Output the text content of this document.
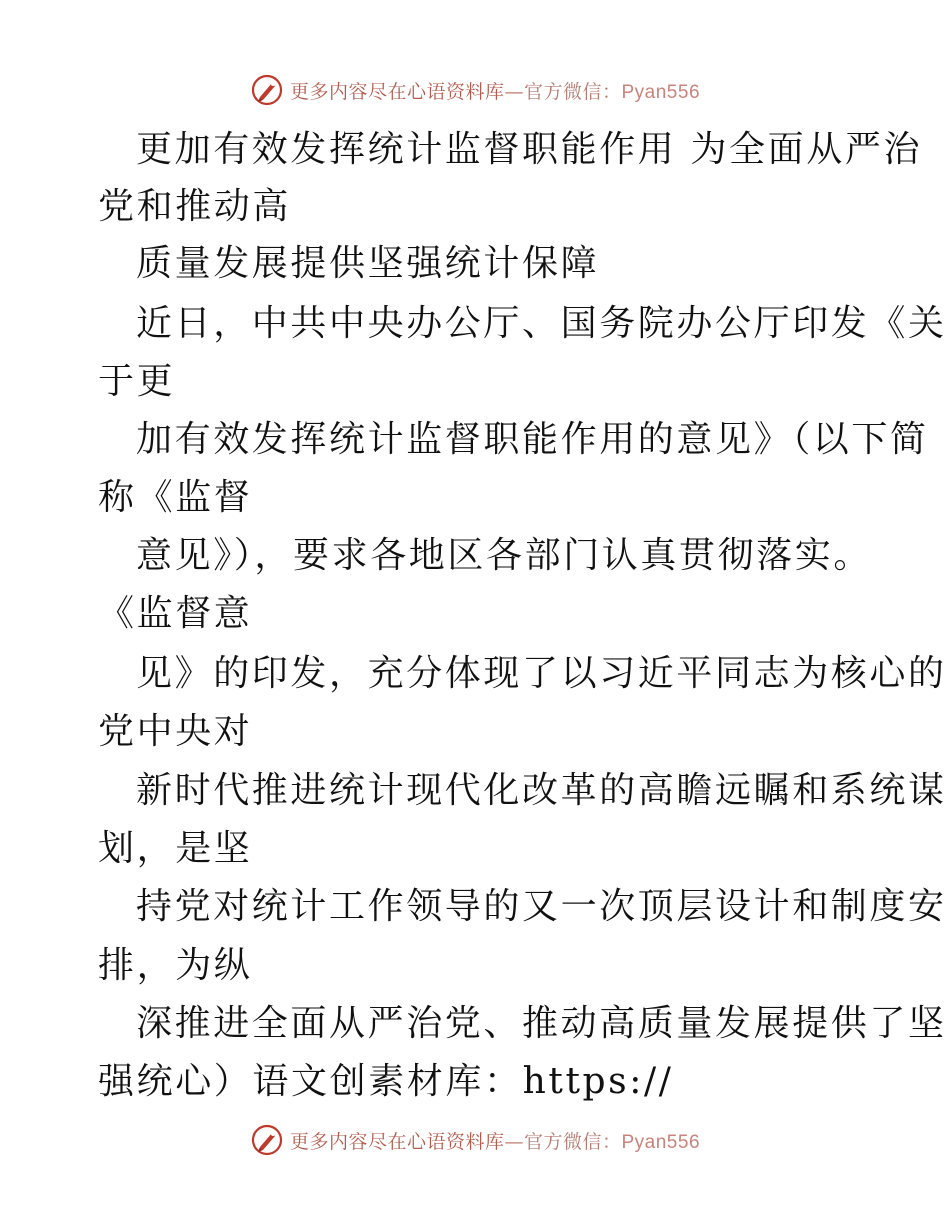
更多内容尽在心语资料库—官方微信：Pyan556
更加有效发挥统计监督职能作用 为全面从严治
党和推动高
质量发展提供坚强统计保障
近日，中共中央办公厅、国务院办公厅印发《关
于更
加有效发挥统计监督职能作用的意见》（以下简
称《监督
意见》），要求各地区各部门认真贯彻落实。
《监督意
见》的印发，充分体现了以习近平同志为核心的
党中央对
新时代推进统计现代化改革的高瞻远瞩和系统谋
划，是坚
持党对统计工作领导的又一次顶层设计和制度安
排，为纵
深推进全面从严治党、推动高质量发展提供了坚
强统心）语文创素材库：https://
更多内容尽在心语资料库—官方微信：Pyan556
